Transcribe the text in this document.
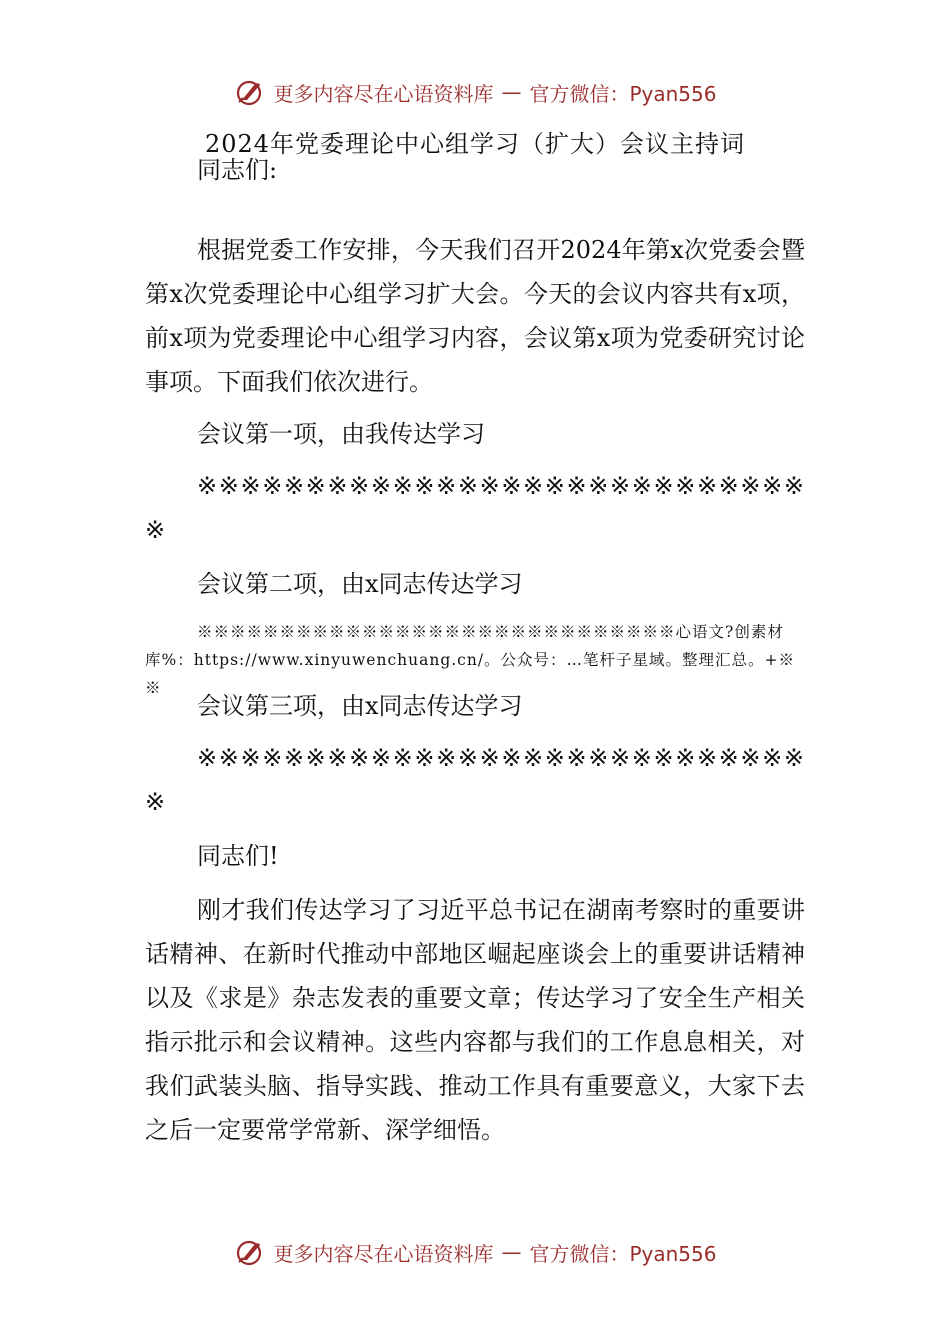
更多内容尽在心语资料库 — 官方微信：Pyan556
2024年党委理论中心组学习（扩大）会议主持词

同志们:

根据党委工作安排，今天我们召开2024年第x次党委会暨第x次党委理论中心组学习扩大会。今天的会议内容共有x项，前x项为党委理论中心组学习内容，会议第x项为党委研究讨论事项。下面我们依次进行。

会议第一项，由我传达学习

※※※※※※※※※※※※※※※※※※※※※※※※※※※※※

会议第二项，由x同志传达学习

※※※※※※※※※※※※※※※※※※※※※※※※※※※※※心语文?创素材库%：https://www.xinyuwenchuang.cn/。公众号：…笔杆子星域。整理汇总。+※※

会议第三项，由x同志传达学习

※※※※※※※※※※※※※※※※※※※※※※※※※※※※※

同志们!

刚才我们传达学习了习近平总书记在湖南考察时的重要讲话精神、在新时代推动中部地区崛起座谈会上的重要讲话精神以及《求是》杂志发表的重要文章；传达学习了安全生产相关指示批示和会议精神。这些内容都与我们的工作息息相关，对我们武装头脑、指导实践、推动工作具有重要意义，大家下去之后一定要常学常新、深学细悟。

更多内容尽在心语资料库 — 官方微信：Pyan556
